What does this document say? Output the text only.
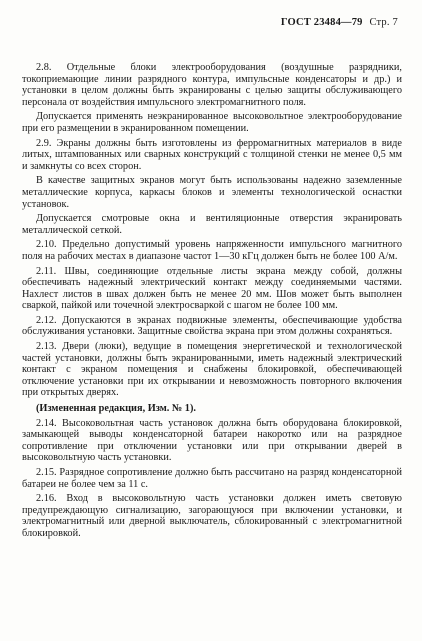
ГОСТ 23484—79 Стр. 7

2.8. Отдельные блоки электрооборудования (воздушные разрядники, токоприемающие линии разрядного контура, импульсные конденсаторы и др.) и установки в целом должны быть экранированы с целью защиты обслуживающего персонала от воздействия импульсного электромагнитного поля.

Допускается применять неэкранированное высоковольтное электрооборудование при его размещении в экранированном помещении.

2.9. Экраны должны быть изготовлены из ферромагнитных материалов в виде литых, штампованных или сварных конструкций с толщиной стенки не менее 0,5 мм и замкнуты со всех сторон.

В качестве защитных экранов могут быть использованы надежно заземленные металлические корпуса, каркасы блоков и элементы технологической оснастки установок.

Допускается смотровые окна и вентиляционные отверстия экранировать металлической сеткой.

2.10. Предельно допустимый уровень напряженности импульсного магнитного поля на рабочих местах в диапазоне частот 1—30 кГц должен быть не более 100 А/м.

2.11. Швы, соединяющие отдельные листы экрана между собой, должны обеспечивать надежный электрический контакт между соединяемыми частями. Нахлест листов в швах должен быть не менее 20 мм. Шов может быть выполнен сваркой, пайкой или точечной электросваркой с шагом не более 100 мм.

2.12. Допускаются в экранах подвижные элементы, обеспечивающие удобства обслуживания установки. Защитные свойства экрана при этом должны сохраняться.

2.13. Двери (люки), ведущие в помещения энергетической и технологической частей установки, должны быть экранированными, иметь надежный электрический контакт с экраном помещения и снабжены блокировкой, обеспечивающей отключение установки при их открывании и невозможность повторного включения при открытых дверях.

(Измененная редакция, Изм. № 1).

2.14. Высоковольтная часть установок должна быть оборудована блокировкой, замыкающей выводы конденсаторной батареи накоротко или на разрядное сопротивление при отключении установки или при открывании дверей в высоковольтную часть установки.

2.15. Разрядное сопротивление должно быть рассчитано на разряд конденсаторной батареи не более чем за 11 с.

2.16. Вход в высоковольтную часть установки должен иметь световую предупреждающую сигнализацию, загорающуюся при включении установки, и электромагнитный или дверной выключатель, сблокированный с электромагнитной блокировкой.
